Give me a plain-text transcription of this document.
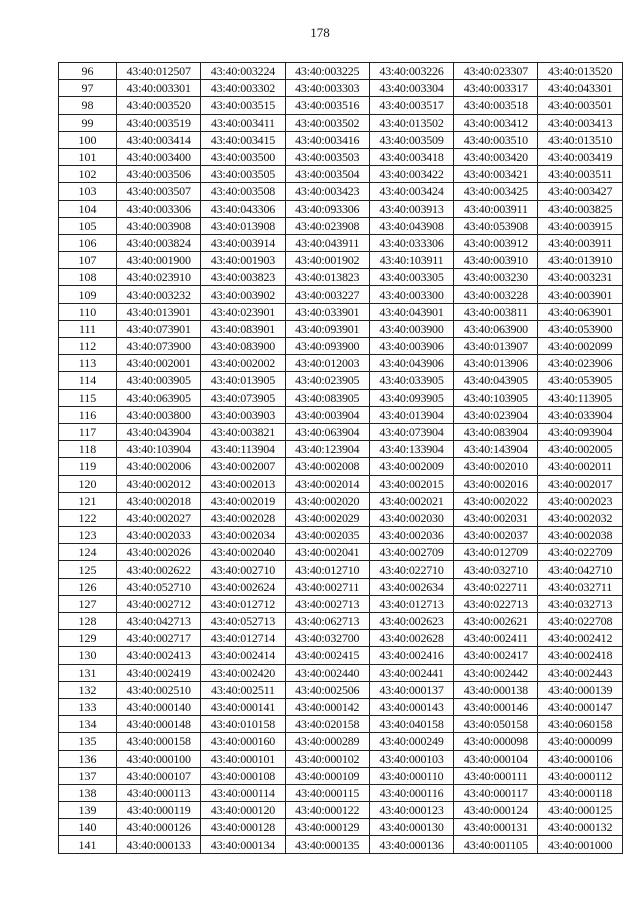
178
96	43:40:012507	43:40:003224	43:40:003225	43:40:003226	43:40:023307	43:40:013520
97	43:40:003301	43:40:003302	43:40:003303	43:40:003304	43:40:003317	43:40:043301
98	43:40:003520	43:40:003515	43:40:003516	43:40:003517	43:40:003518	43:40:003501
99	43:40:003519	43:40:003411	43:40:003502	43:40:013502	43:40:003412	43:40:003413
100	43:40:003414	43:40:003415	43:40:003416	43:40:003509	43:40:003510	43:40:013510
101	43:40:003400	43:40:003500	43:40:003503	43:40:003418	43:40:003420	43:40:003419
102	43:40:003506	43:40:003505	43:40:003504	43:40:003422	43:40:003421	43:40:003511
103	43:40:003507	43:40:003508	43:40:003423	43:40:003424	43:40:003425	43:40:003427
104	43:40:003306	43:40:043306	43:40:093306	43:40:003913	43:40:003911	43:40:003825
105	43:40:003908	43:40:013908	43:40:023908	43:40:043908	43:40:053908	43:40:003915
106	43:40:003824	43:40:003914	43:40:043911	43:40:033306	43:40:003912	43:40:003911
107	43:40:001900	43:40:001903	43:40:001902	43:40:103911	43:40:003910	43:40:013910
108	43:40:023910	43:40:003823	43:40:013823	43:40:003305	43:40:003230	43:40:003231
109	43:40:003232	43:40:003902	43:40:003227	43:40:003300	43:40:003228	43:40:003901
110	43:40:013901	43:40:023901	43:40:033901	43:40:043901	43:40:003811	43:40:063901
111	43:40:073901	43:40:083901	43:40:093901	43:40:003900	43:40:063900	43:40:053900
112	43:40:073900	43:40:083900	43:40:093900	43:40:003906	43:40:013907	43:40:002099
113	43:40:002001	43:40:002002	43:40:012003	43:40:043906	43:40:013906	43:40:023906
114	43:40:003905	43:40:013905	43:40:023905	43:40:033905	43:40:043905	43:40:053905
115	43:40:063905	43:40:073905	43:40:083905	43:40:093905	43:40:103905	43:40:113905
116	43:40:003800	43:40:003903	43:40:003904	43:40:013904	43:40:023904	43:40:033904
117	43:40:043904	43:40:003821	43:40:063904	43:40:073904	43:40:083904	43:40:093904
118	43:40:103904	43:40:113904	43:40:123904	43:40:133904	43:40:143904	43:40:002005
119	43:40:002006	43:40:002007	43:40:002008	43:40:002009	43:40:002010	43:40:002011
120	43:40:002012	43:40:002013	43:40:002014	43:40:002015	43:40:002016	43:40:002017
121	43:40:002018	43:40:002019	43:40:002020	43:40:002021	43:40:002022	43:40:002023
122	43:40:002027	43:40:002028	43:40:002029	43:40:002030	43:40:002031	43:40:002032
123	43:40:002033	43:40:002034	43:40:002035	43:40:002036	43:40:002037	43:40:002038
124	43:40:002026	43:40:002040	43:40:002041	43:40:002709	43:40:012709	43:40:022709
125	43:40:002622	43:40:002710	43:40:012710	43:40:022710	43:40:032710	43:40:042710
126	43:40:052710	43:40:002624	43:40:002711	43:40:002634	43:40:022711	43:40:032711
127	43:40:002712	43:40:012712	43:40:002713	43:40:012713	43:40:022713	43:40:032713
128	43:40:042713	43:40:052713	43:40:062713	43:40:002623	43:40:002621	43:40:022708
129	43:40:002717	43:40:012714	43:40:032700	43:40:002628	43:40:002411	43:40:002412
130	43:40:002413	43:40:002414	43:40:002415	43:40:002416	43:40:002417	43:40:002418
131	43:40:002419	43:40:002420	43:40:002440	43:40:002441	43:40:002442	43:40:002443
132	43:40:002510	43:40:002511	43:40:002506	43:40:000137	43:40:000138	43:40:000139
133	43:40:000140	43:40:000141	43:40:000142	43:40:000143	43:40:000146	43:40:000147
134	43:40:000148	43:40:010158	43:40:020158	43:40:040158	43:40:050158	43:40:060158
135	43:40:000158	43:40:000160	43:40:000289	43:40:000249	43:40:000098	43:40:000099
136	43:40:000100	43:40:000101	43:40:000102	43:40:000103	43:40:000104	43:40:000106
137	43:40:000107	43:40:000108	43:40:000109	43:40:000110	43:40:000111	43:40:000112
138	43:40:000113	43:40:000114	43:40:000115	43:40:000116	43:40:000117	43:40:000118
139	43:40:000119	43:40:000120	43:40:000122	43:40:000123	43:40:000124	43:40:000125
140	43:40:000126	43:40:000128	43:40:000129	43:40:000130	43:40:000131	43:40:000132
141	43:40:000133	43:40:000134	43:40:000135	43:40:000136	43:40:001105	43:40:001000
